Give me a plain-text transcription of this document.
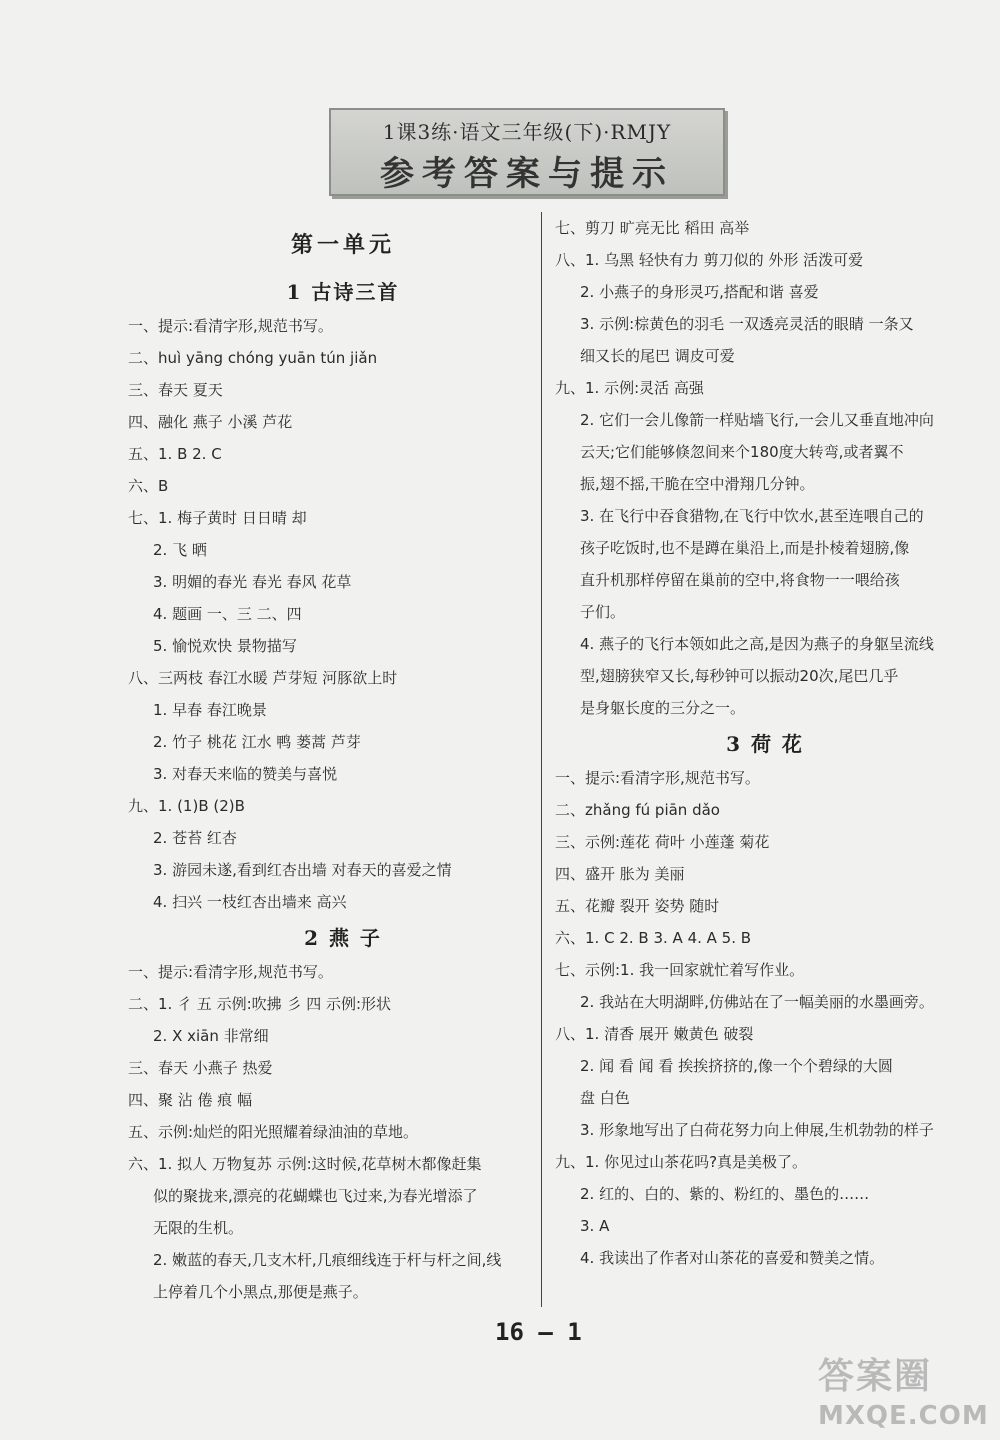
1课3练·语文三年级(下)·RMJY
参考答案与提示
第一单元
1 古诗三首
一、提示:看清字形,规范书写。
二、huì yāng chóng yuān tún jiǎn
三、春天 夏天
四、融化 燕子 小溪 芦花
五、1. B 2. C
六、B
七、1. 梅子黄时 日日晴 却
2. 飞 晒
3. 明媚的春光 春光 春风 花草
4. 题画 一、三 二、四
5. 愉悦欢快 景物描写
八、三两枝 春江水暖 芦芽短 河豚欲上时
1. 早春 春江晚景
2. 竹子 桃花 江水 鸭 蒌蒿 芦芽
3. 对春天来临的赞美与喜悦
九、1. (1)B (2)B
2. 苍苔 红杏
3. 游园未遂,看到红杏出墙 对春天的喜爱之情
4. 扫兴 一枝红杏出墙来 高兴
2 燕 子
一、提示:看清字形,规范书写。
二、1. 彳 五 示例:吹拂 彡 四 示例:形状
2. X xiān 非常细
三、春天 小燕子 热爱
四、聚 沾 倦 痕 幅
五、示例:灿烂的阳光照耀着绿油油的草地。
六、1. 拟人 万物复苏 示例:这时候,花草树木都像赶集
似的聚拢来,漂亮的花蝴蝶也飞过来,为春光增添了
无限的生机。
2. 嫩蓝的春天,几支木杆,几痕细线连于杆与杆之间,线
上停着几个小黑点,那便是燕子。
七、剪刀 旷亮无比 稻田 高举
八、1. 乌黑 轻快有力 剪刀似的 外形 活泼可爱
2. 小燕子的身形灵巧,搭配和谐 喜爱
3. 示例:棕黄色的羽毛 一双透亮灵活的眼睛 一条又
细又长的尾巴 调皮可爱
九、1. 示例:灵活 高强
2. 它们一会儿像箭一样贴墙飞行,一会儿又垂直地冲向
云天;它们能够倏忽间来个180度大转弯,或者翼不
振,翅不摇,干脆在空中滑翔几分钟。
3. 在飞行中吞食猎物,在飞行中饮水,甚至连喂自己的
孩子吃饭时,也不是蹲在巢沿上,而是扑棱着翅膀,像
直升机那样停留在巢前的空中,将食物一一喂给孩
子们。
4. 燕子的飞行本领如此之高,是因为燕子的身躯呈流线
型,翅膀狭窄又长,每秒钟可以振动20次,尾巴几乎
是身躯长度的三分之一。
3 荷 花
一、提示:看清字形,规范书写。
二、zhǎng fú piān dǎo
三、示例:莲花 荷叶 小莲蓬 菊花
四、盛开 胀为 美丽
五、花瓣 裂开 姿势 随时
六、1. C 2. B 3. A 4. A 5. B
七、示例:1. 我一回家就忙着写作业。
2. 我站在大明湖畔,仿佛站在了一幅美丽的水墨画旁。
八、1. 清香 展开 嫩黄色 破裂
2. 闻 看 闻 看 挨挨挤挤的,像一个个碧绿的大圆
盘 白色
3. 形象地写出了白荷花努力向上伸展,生机勃勃的样子
九、1. 你见过山茶花吗?真是美极了。
2. 红的、白的、紫的、粉红的、墨色的……
3. A
4. 我读出了作者对山茶花的喜爱和赞美之情。
16 — 1
答案圈
MXQE.COM
